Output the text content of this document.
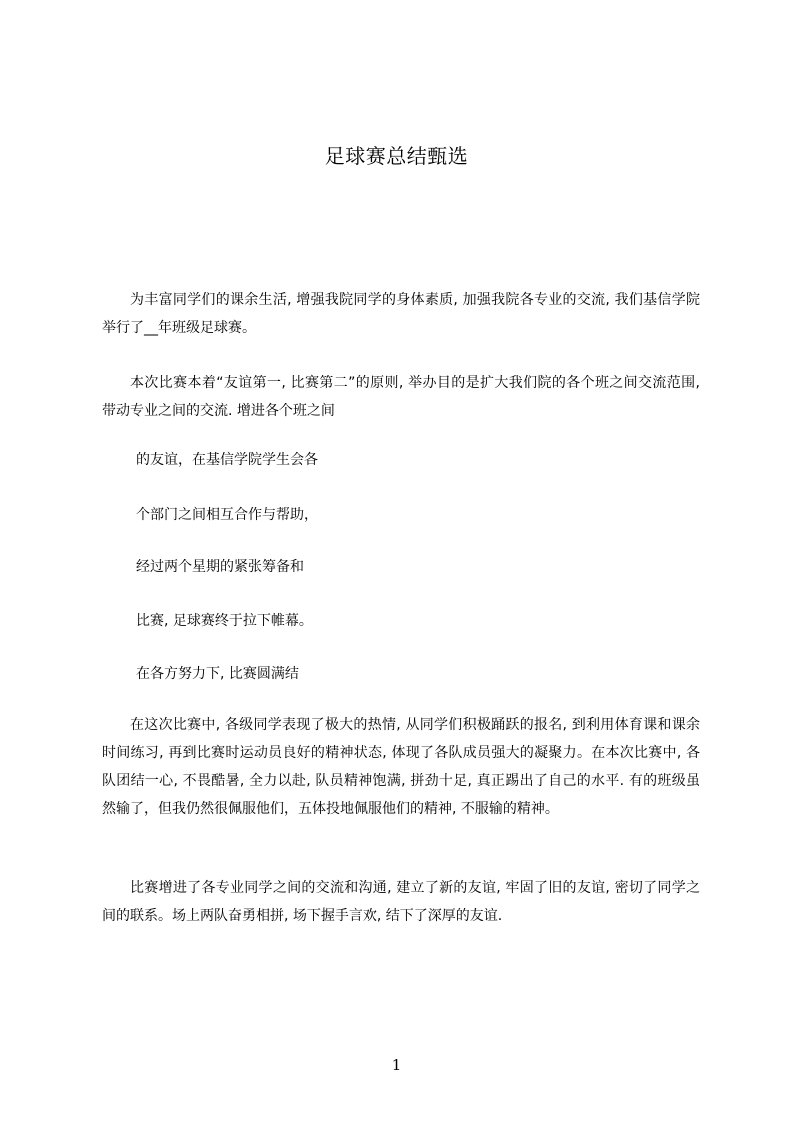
足球赛总结甄选

为丰富同学们的课余生活, 增强我院同学的身体素质, 加强我院各专业的交流, 我们基信学院举行了__年班级足球赛。

本次比赛本着“友谊第一, 比赛第二”的原则, 举办目的是扩大我们院的各个班之间交流范围, 带动专业之间的交流. 增进各个班之间

的友谊，在基信学院学生会各

个部门之间相互合作与帮助，

经过两个星期的紧张筹备和

比赛, 足球赛终于拉下帷幕。

在各方努力下, 比赛圆满结

在这次比赛中, 各级同学表现了极大的热情, 从同学们积极踊跃的报名, 到利用体育课和课余时间练习, 再到比赛时运动员良好的精神状态, 体现了各队成员强大的凝聚力。在本次比赛中, 各队团结一心, 不畏酷暑, 全力以赴, 队员精神饱满, 拼劲十足, 真正踢出了自己的水平. 有的班级虽然输了，但我仍然很佩服他们，五体投地佩服他们的精神, 不服输的精神。

比赛增进了各专业同学之间的交流和沟通, 建立了新的友谊, 牢固了旧的友谊, 密切了同学之间的联系。场上两队奋勇相拼, 场下握手言欢, 结下了深厚的友谊.

1
